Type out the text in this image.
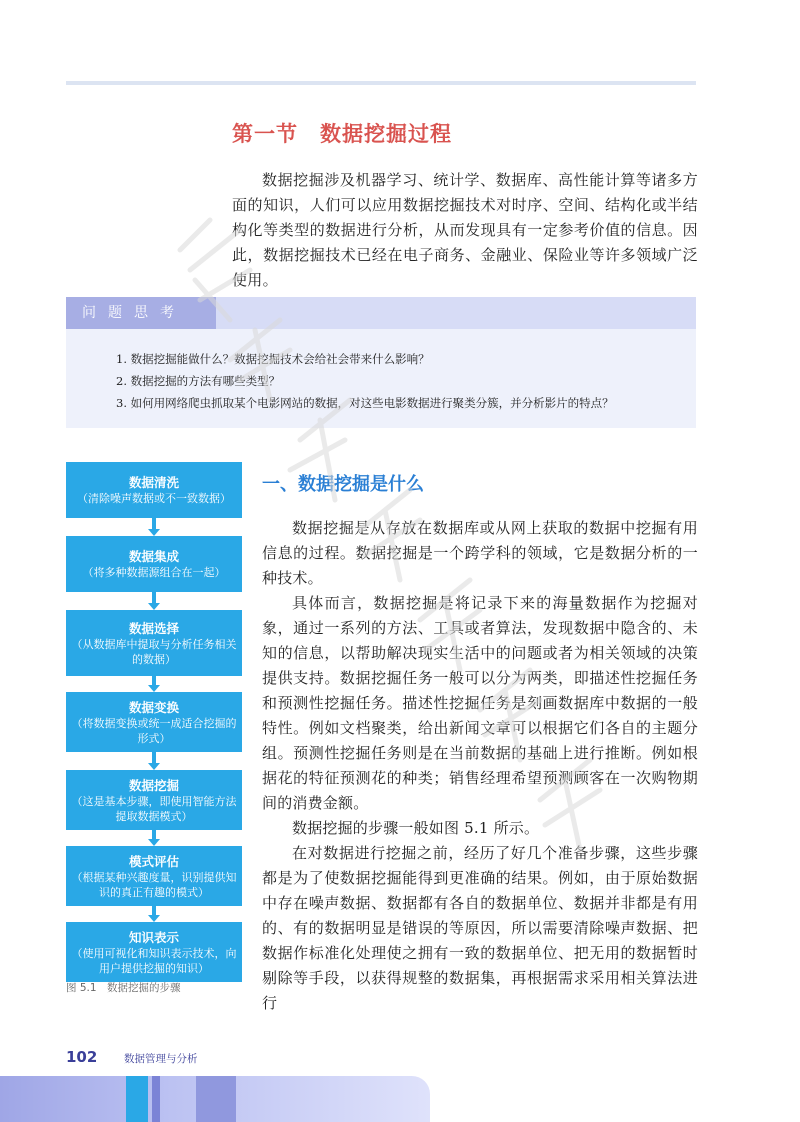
第一节　数据挖掘过程

数据挖掘涉及机器学习、统计学、数据库、高性能计算等诸多方面的知识，人们可以应用数据挖掘技术对时序、空间、结构化或半结构化等类型的数据进行分析，从而发现具有一定参考价值的信息。因此，数据挖掘技术已经在电子商务、金融业、保险业等许多领域广泛使用。

问题思考
1. 数据挖掘能做什么？数据挖掘技术会给社会带来什么影响？
2. 数据挖掘的方法有哪些类型？
3. 如何用网络爬虫抓取某个电影网站的数据，对这些电影数据进行聚类分簇，并分析影片的特点？
数据清洗
（清除噪声数据或不一致数据）
数据集成
（将多种数据源组合在一起）
数据选择
（从数据库中提取与分析任务相关的数据）
数据变换
（将数据变换或统一成适合挖掘的形式）
数据挖掘
（这是基本步骤，即使用智能方法提取数据模式）
模式评估
（根据某种兴趣度量，识别提供知识的真正有趣的模式）
知识表示
（使用可视化和知识表示技术，向用户提供挖掘的知识）
图 5.1　数据挖掘的步骤
一、数据挖掘是什么

数据挖掘是从存放在数据库或从网上获取的数据中挖掘有用信息的过程。数据挖掘是一个跨学科的领域，它是数据分析的一种技术。

具体而言，数据挖掘是将记录下来的海量数据作为挖掘对象，通过一系列的方法、工具或者算法，发现数据中隐含的、未知的信息，以帮助解决现实生活中的问题或者为相关领域的决策提供支持。数据挖掘任务一般可以分为两类，即描述性挖掘任务和预测性挖掘任务。描述性挖掘任务是刻画数据库中数据的一般特性。例如文档聚类，给出新闻文章可以根据它们各自的主题分组。预测性挖掘任务则是在当前数据的基础上进行推断。例如根据花的特征预测花的种类；销售经理希望预测顾客在一次购物期间的消费金额。

数据挖掘的步骤一般如图 5.1 所示。

在对数据进行挖掘之前，经历了好几个准备步骤，这些步骤都是为了使数据挖掘能得到更准确的结果。例如，由于原始数据中存在噪声数据、数据都有各自的数据单位、数据并非都是有用的、有的数据明显是错误的等原因，所以需要清除噪声数据、把数据作标准化处理使之拥有一致的数据单位、把无用的数据暂时剔除等手段，以获得规整的数据集，再根据需求采用相关算法进行

102	数据管理与分析
